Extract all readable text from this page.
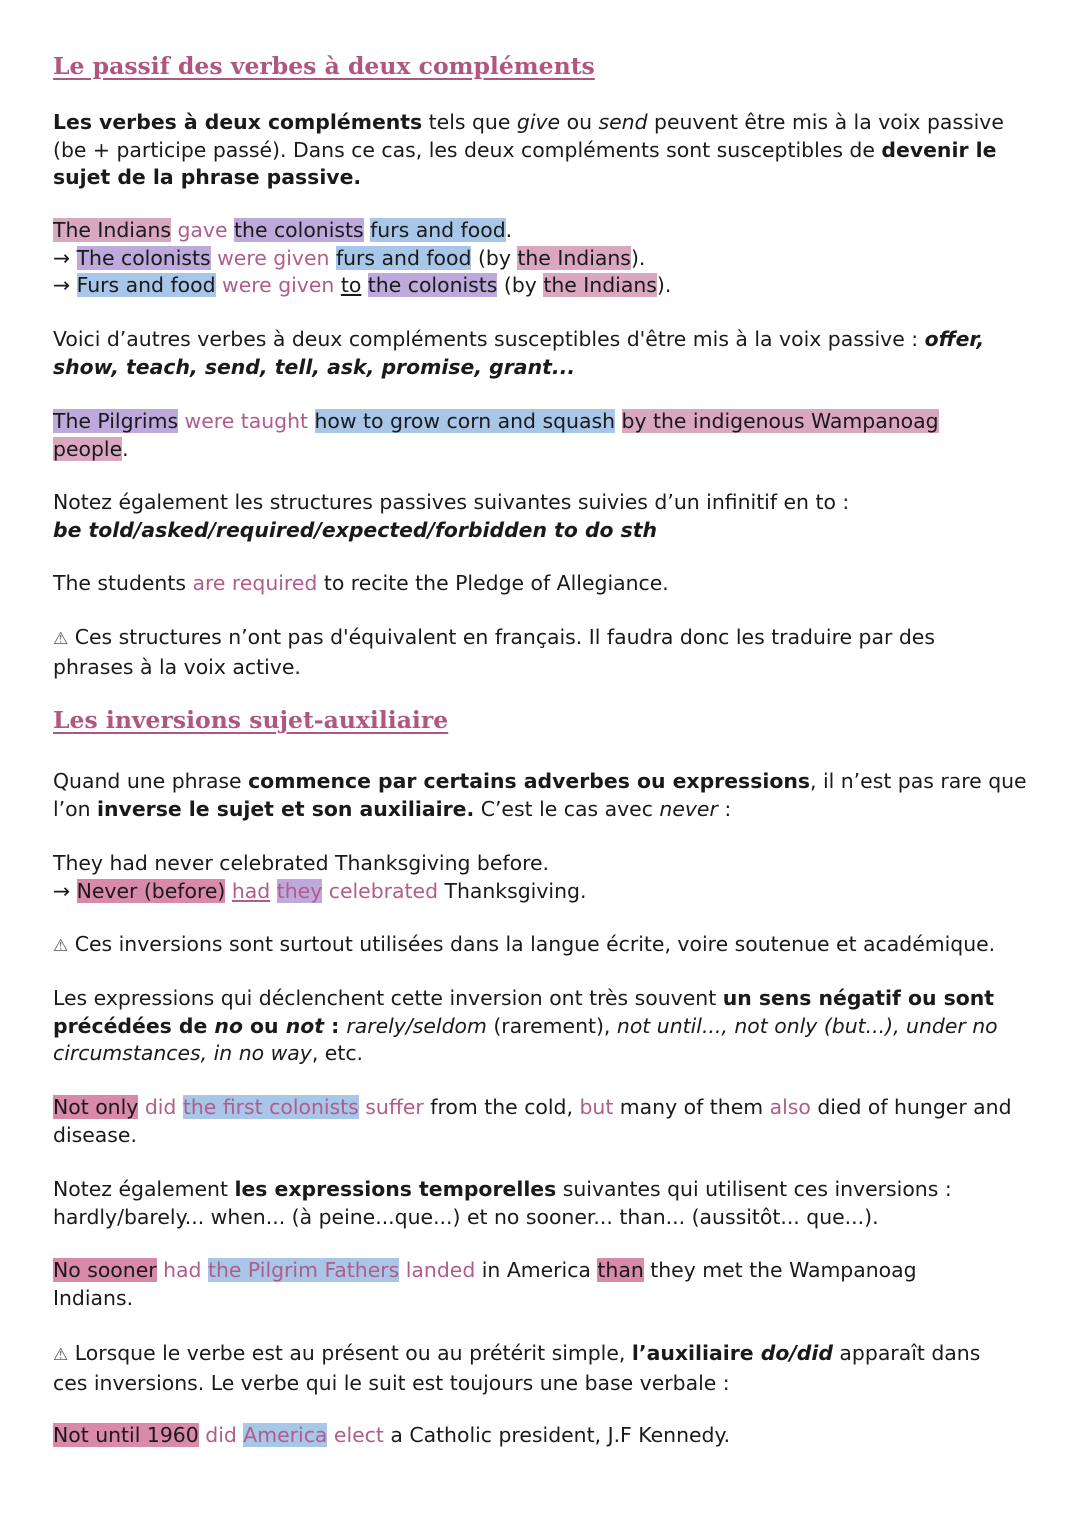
Le passif des verbes à deux compléments

Les verbes à deux compléments tels que give ou send peuvent être mis à la voix passive (be + participe passé). Dans ce cas, les deux compléments sont susceptibles de devenir le sujet de la phrase passive.

The Indians gave the colonists furs and food.
→ The colonists were given furs and food (by the Indians).
→ Furs and food were given to the colonists (by the Indians).

Voici d’autres verbes à deux compléments susceptibles d'être mis à la voix passive : offer, show, teach, send, tell, ask, promise, grant...

The Pilgrims were taught how to grow corn and squash by the indigenous Wampanoag people.

Notez également les structures passives suivantes suivies d’un infinitif en to :
be told/asked/required/expected/forbidden to do sth

The students are required to recite the Pledge of Allegiance.

⚠ Ces structures n’ont pas d'équivalent en français. Il faudra donc les traduire par des phrases à la voix active.

Les inversions sujet-auxiliaire

Quand une phrase commence par certains adverbes ou expressions, il n’est pas rare que l’on inverse le sujet et son auxiliaire. C’est le cas avec never :

They had never celebrated Thanksgiving before.
→ Never (before) had they celebrated Thanksgiving.

⚠ Ces inversions sont surtout utilisées dans la langue écrite, voire soutenue et académique.

Les expressions qui déclenchent cette inversion ont très souvent un sens négatif ou sont précédées de no ou not : rarely/seldom (rarement), not until..., not only (but...), under no circumstances, in no way, etc.

Not only did the first colonists suffer from the cold, but many of them also died of hunger and disease.

Notez également les expressions temporelles suivantes qui utilisent ces inversions : hardly/barely... when... (à peine...que...) et no sooner... than... (aussitôt... que...).

No sooner had the Pilgrim Fathers landed in America than they met the Wampanoag Indians.

⚠ Lorsque le verbe est au présent ou au prétérit simple, l’auxiliaire do/did apparaît dans ces inversions. Le verbe qui le suit est toujours une base verbale :

Not until 1960 did America elect a Catholic president, J.F Kennedy.
